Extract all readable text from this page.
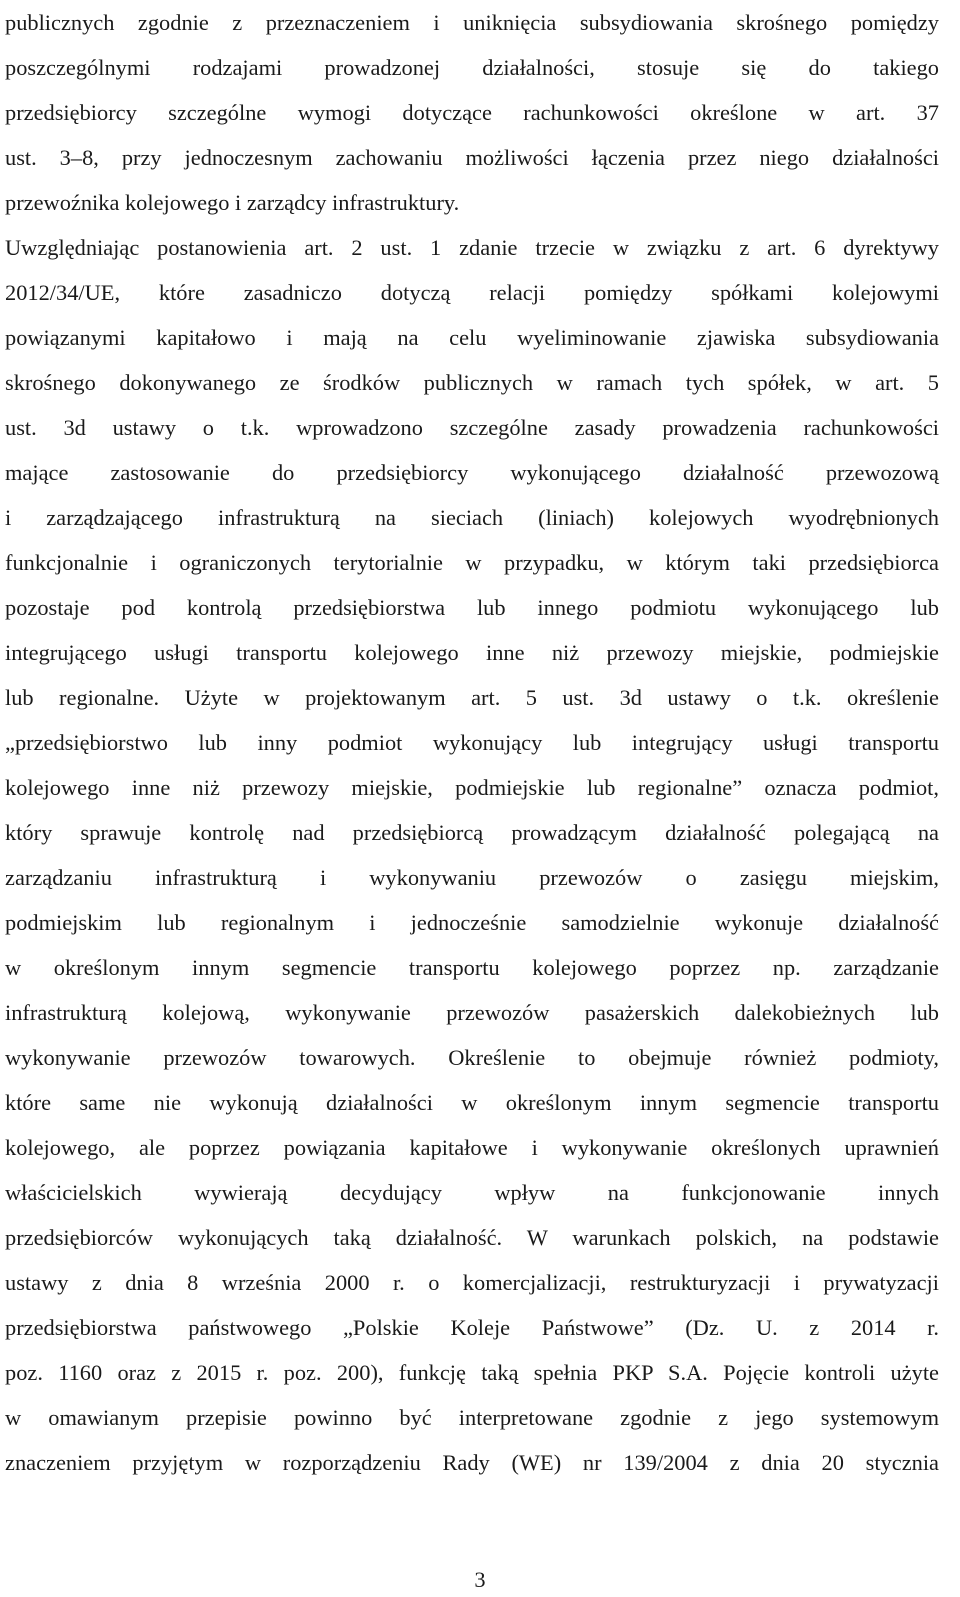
publicznych zgodnie z przeznaczeniem i uniknięcia subsydiowania skrośnego pomiędzy
poszczególnymi rodzajami prowadzonej działalności, stosuje się do takiego
przedsiębiorcy szczególne wymogi dotyczące rachunkowości określone w art. 37
ust. 3–8, przy jednoczesnym zachowaniu możliwości łączenia przez niego działalności
przewoźnika kolejowego i zarządcy infrastruktury.
Uwzględniając postanowienia art. 2 ust. 1 zdanie trzecie w związku z art. 6 dyrektywy
2012/34/UE, które zasadniczo dotyczą relacji pomiędzy spółkami kolejowymi
powiązanymi kapitałowo i mają na celu wyeliminowanie zjawiska subsydiowania
skrośnego dokonywanego ze środków publicznych w ramach tych spółek, w art. 5
ust. 3d ustawy o t.k. wprowadzono szczególne zasady prowadzenia rachunkowości
mające zastosowanie do przedsiębiorcy wykonującego działalność przewozową
i zarządzającego infrastrukturą na sieciach (liniach) kolejowych wyodrębnionych
funkcjonalnie i ograniczonych terytorialnie w przypadku, w którym taki przedsiębiorca
pozostaje pod kontrolą przedsiębiorstwa lub innego podmiotu wykonującego lub
integrującego usługi transportu kolejowego inne niż przewozy miejskie, podmiejskie
lub regionalne. Użyte w projektowanym art. 5 ust. 3d ustawy o t.k. określenie
„przedsiębiorstwo lub inny podmiot wykonujący lub integrujący usługi transportu
kolejowego inne niż przewozy miejskie, podmiejskie lub regionalne” oznacza podmiot,
który sprawuje kontrolę nad przedsiębiorcą prowadzącym działalność polegającą na
zarządzaniu infrastrukturą i wykonywaniu przewozów o zasięgu miejskim,
podmiejskim lub regionalnym i jednocześnie samodzielnie wykonuje działalność
w określonym innym segmencie transportu kolejowego poprzez np. zarządzanie
infrastrukturą kolejową, wykonywanie przewozów pasażerskich dalekobieżnych lub
wykonywanie przewozów towarowych. Określenie to obejmuje również podmioty,
które same nie wykonują działalności w określonym innym segmencie transportu
kolejowego, ale poprzez powiązania kapitałowe i wykonywanie określonych uprawnień
właścicielskich wywierają decydujący wpływ na funkcjonowanie innych
przedsiębiorców wykonujących taką działalność. W warunkach polskich, na podstawie
ustawy z dnia 8 września 2000 r. o komercjalizacji, restrukturyzacji i prywatyzacji
przedsiębiorstwa państwowego „Polskie Koleje Państwowe” (Dz. U. z 2014 r.
poz. 1160 oraz z 2015 r. poz. 200), funkcję taką spełnia PKP S.A. Pojęcie kontroli użyte
w omawianym przepisie powinno być interpretowane zgodnie z jego systemowym
znaczeniem przyjętym w rozporządzeniu Rady (WE) nr 139/2004 z dnia 20 stycznia
3
